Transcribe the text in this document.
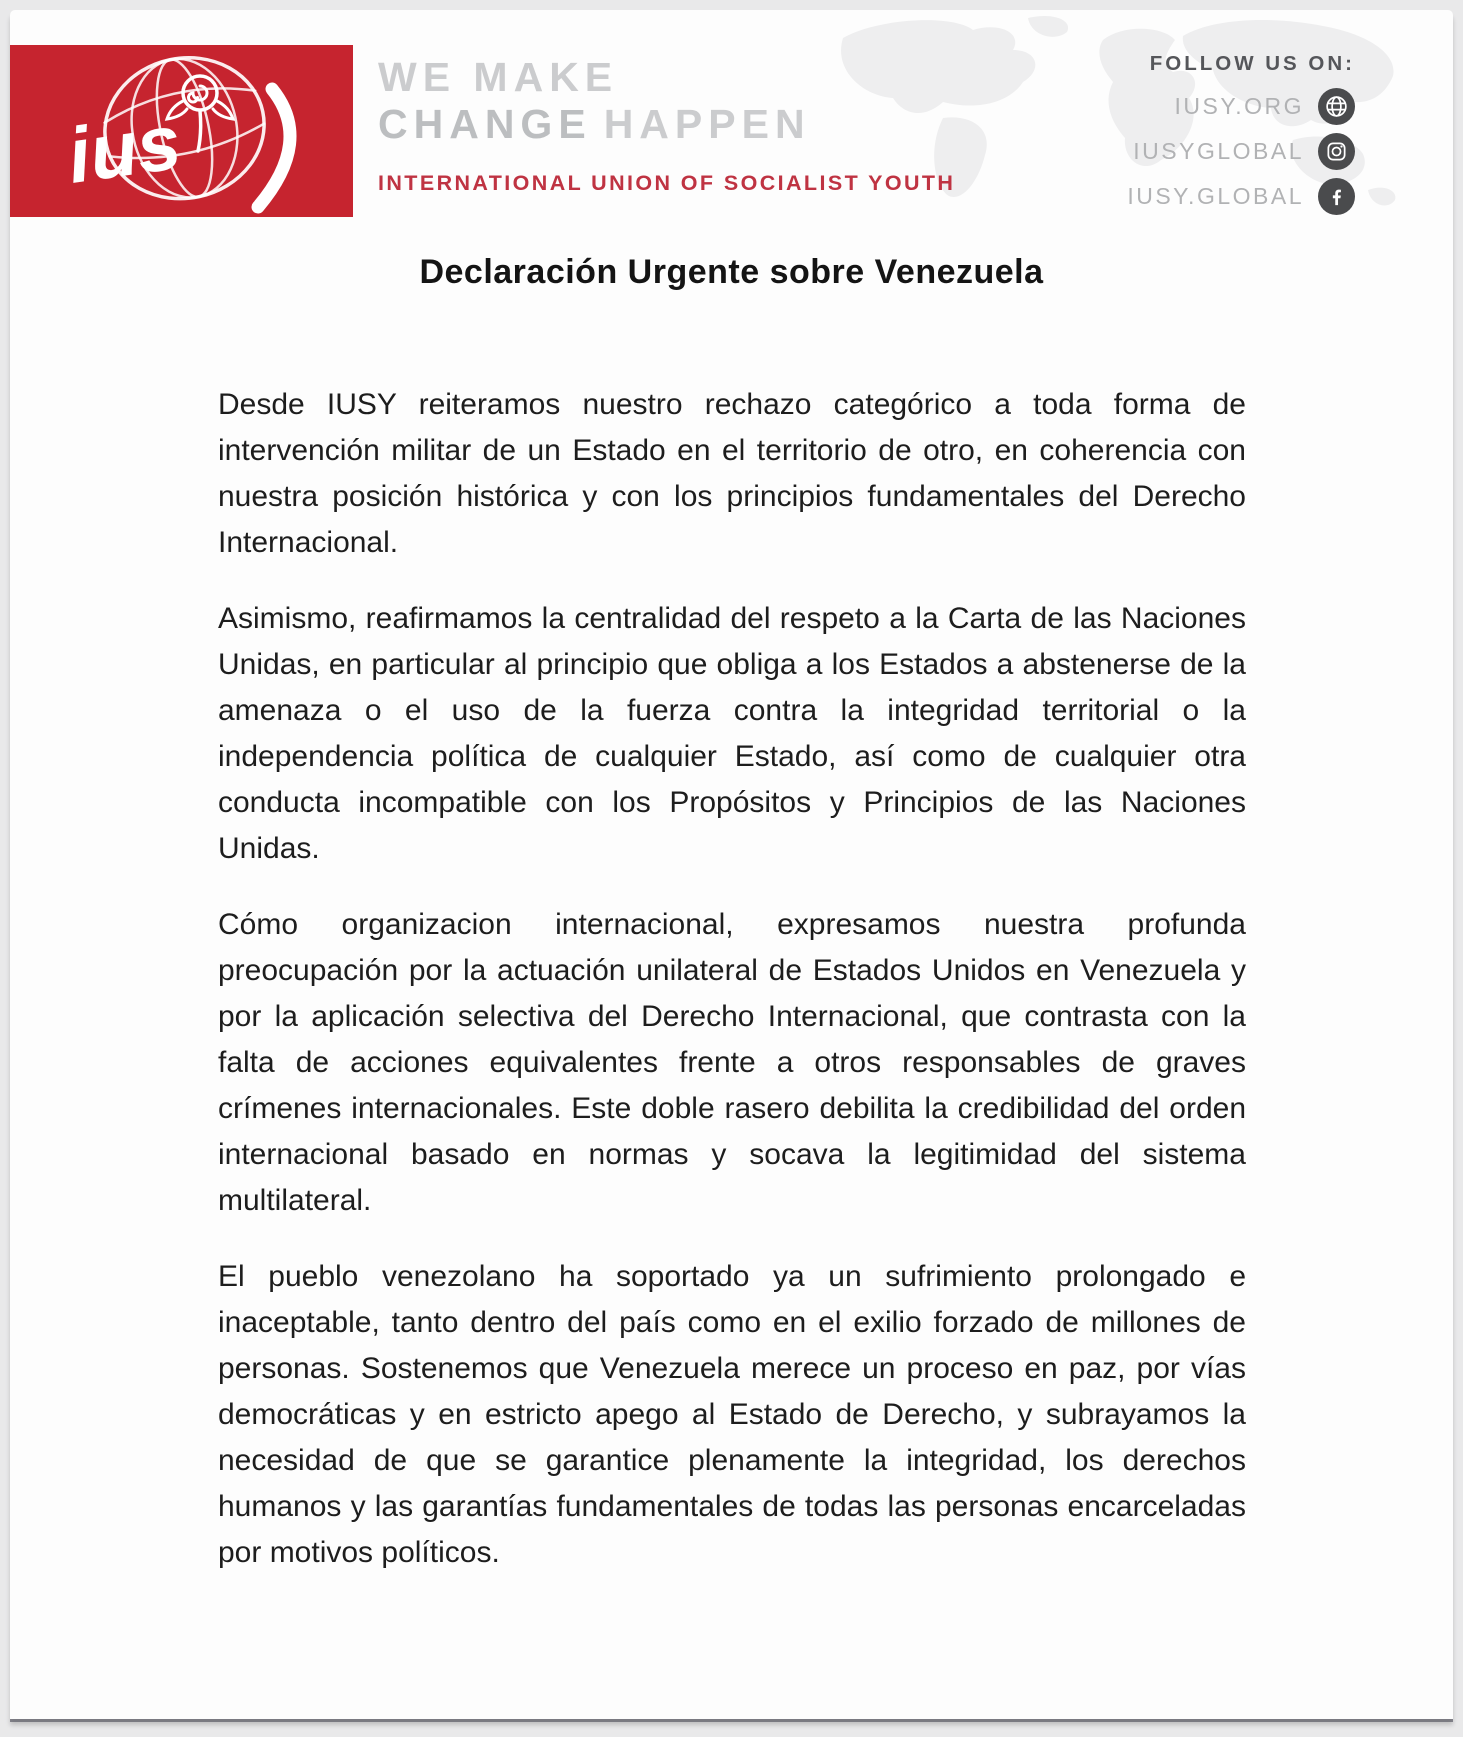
ius
WE MAKE
CHANGE HAPPEN
INTERNATIONAL UNION OF SOCIALIST YOUTH
FOLLOW US ON:
IUSY.ORG
IUSYGLOBAL
IUSY.GLOBAL
Declaración Urgente sobre Venezuela

Desde IUSY reiteramos nuestro rechazo categórico a toda forma de intervención militar de un Estado en el territorio de otro, en coherencia con nuestra posición histórica y con los principios fundamentales del Derecho Internacional.

Asimismo, reafirmamos la centralidad del respeto a la Carta de las Naciones Unidas, en particular al principio que obliga a los Estados a abstenerse de la amenaza o el uso de la fuerza contra la integridad territorial o la independencia política de cualquier Estado, así como de cualquier otra conducta incompatible con los Propósitos y Principios de las Naciones Unidas.

Cómo organizacion internacional, expresamos nuestra profunda preocupación por la actuación unilateral de Estados Unidos en Venezuela y por la aplicación selectiva del Derecho Internacional, que contrasta con la falta de acciones equivalentes frente a otros responsables de graves crímenes internacionales. Este doble rasero debilita la credibilidad del orden internacional basado en normas y socava la legitimidad del sistema multilateral.

El pueblo venezolano ha soportado ya un sufrimiento prolongado e inaceptable, tanto dentro del país como en el exilio forzado de millones de personas. Sostenemos que Venezuela merece un proceso en paz, por vías democráticas y en estricto apego al Estado de Derecho, y subrayamos la necesidad de que se garantice plenamente la integridad, los derechos humanos y las garantías fundamentales de todas las personas encarceladas por motivos políticos.
